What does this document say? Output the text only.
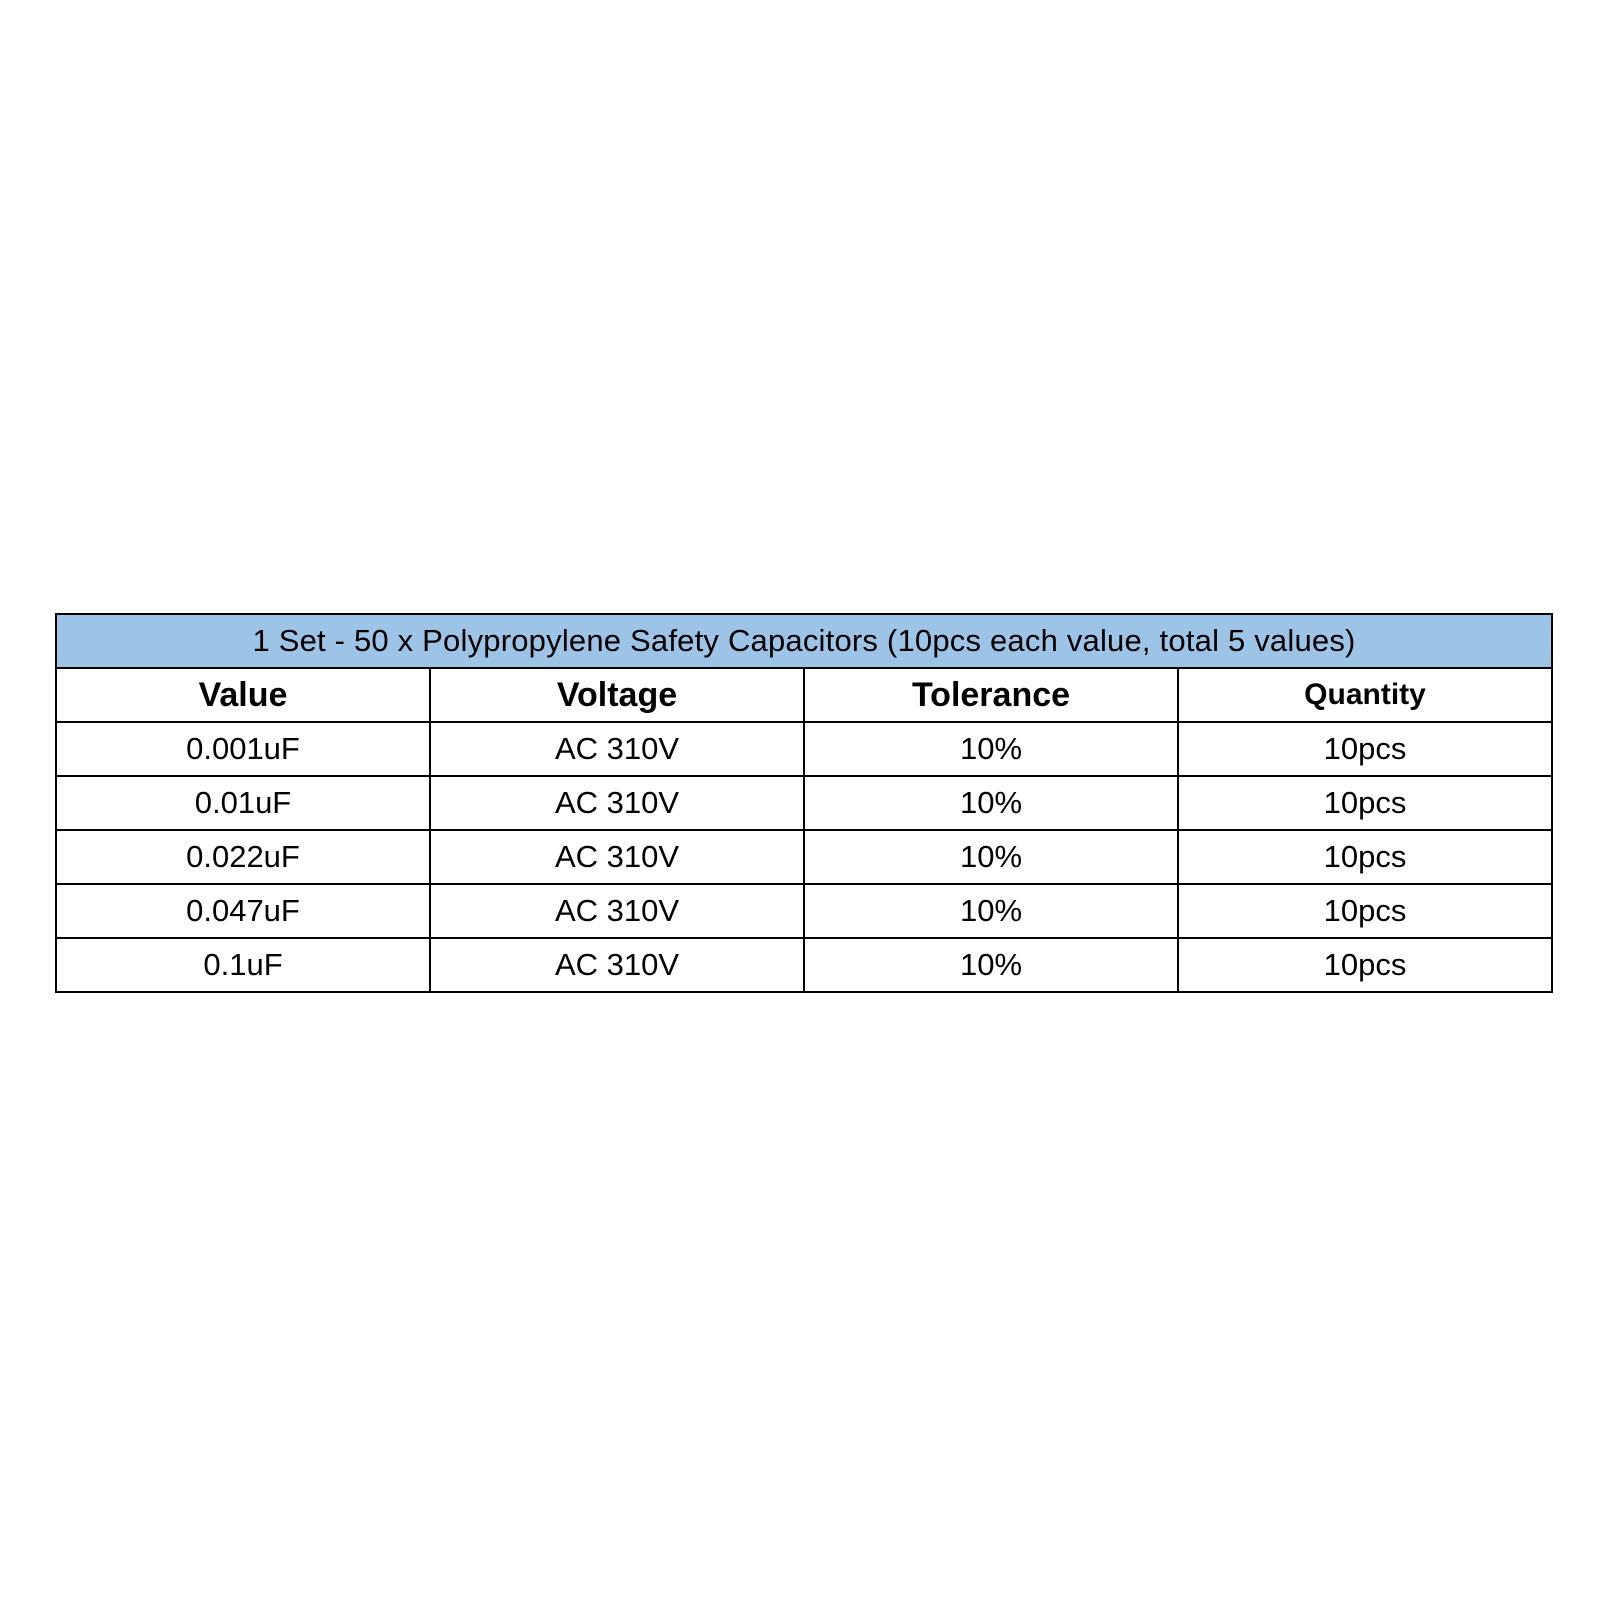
1 Set - 50 x Polypropylene Safety Capacitors (10pcs each value, total 5 values)			
Value	Voltage	Tolerance	Quantity
0.001uF	AC 310V	10%	10pcs
0.01uF	AC 310V	10%	10pcs
0.022uF	AC 310V	10%	10pcs
0.047uF	AC 310V	10%	10pcs
0.1uF	AC 310V	10%	10pcs
